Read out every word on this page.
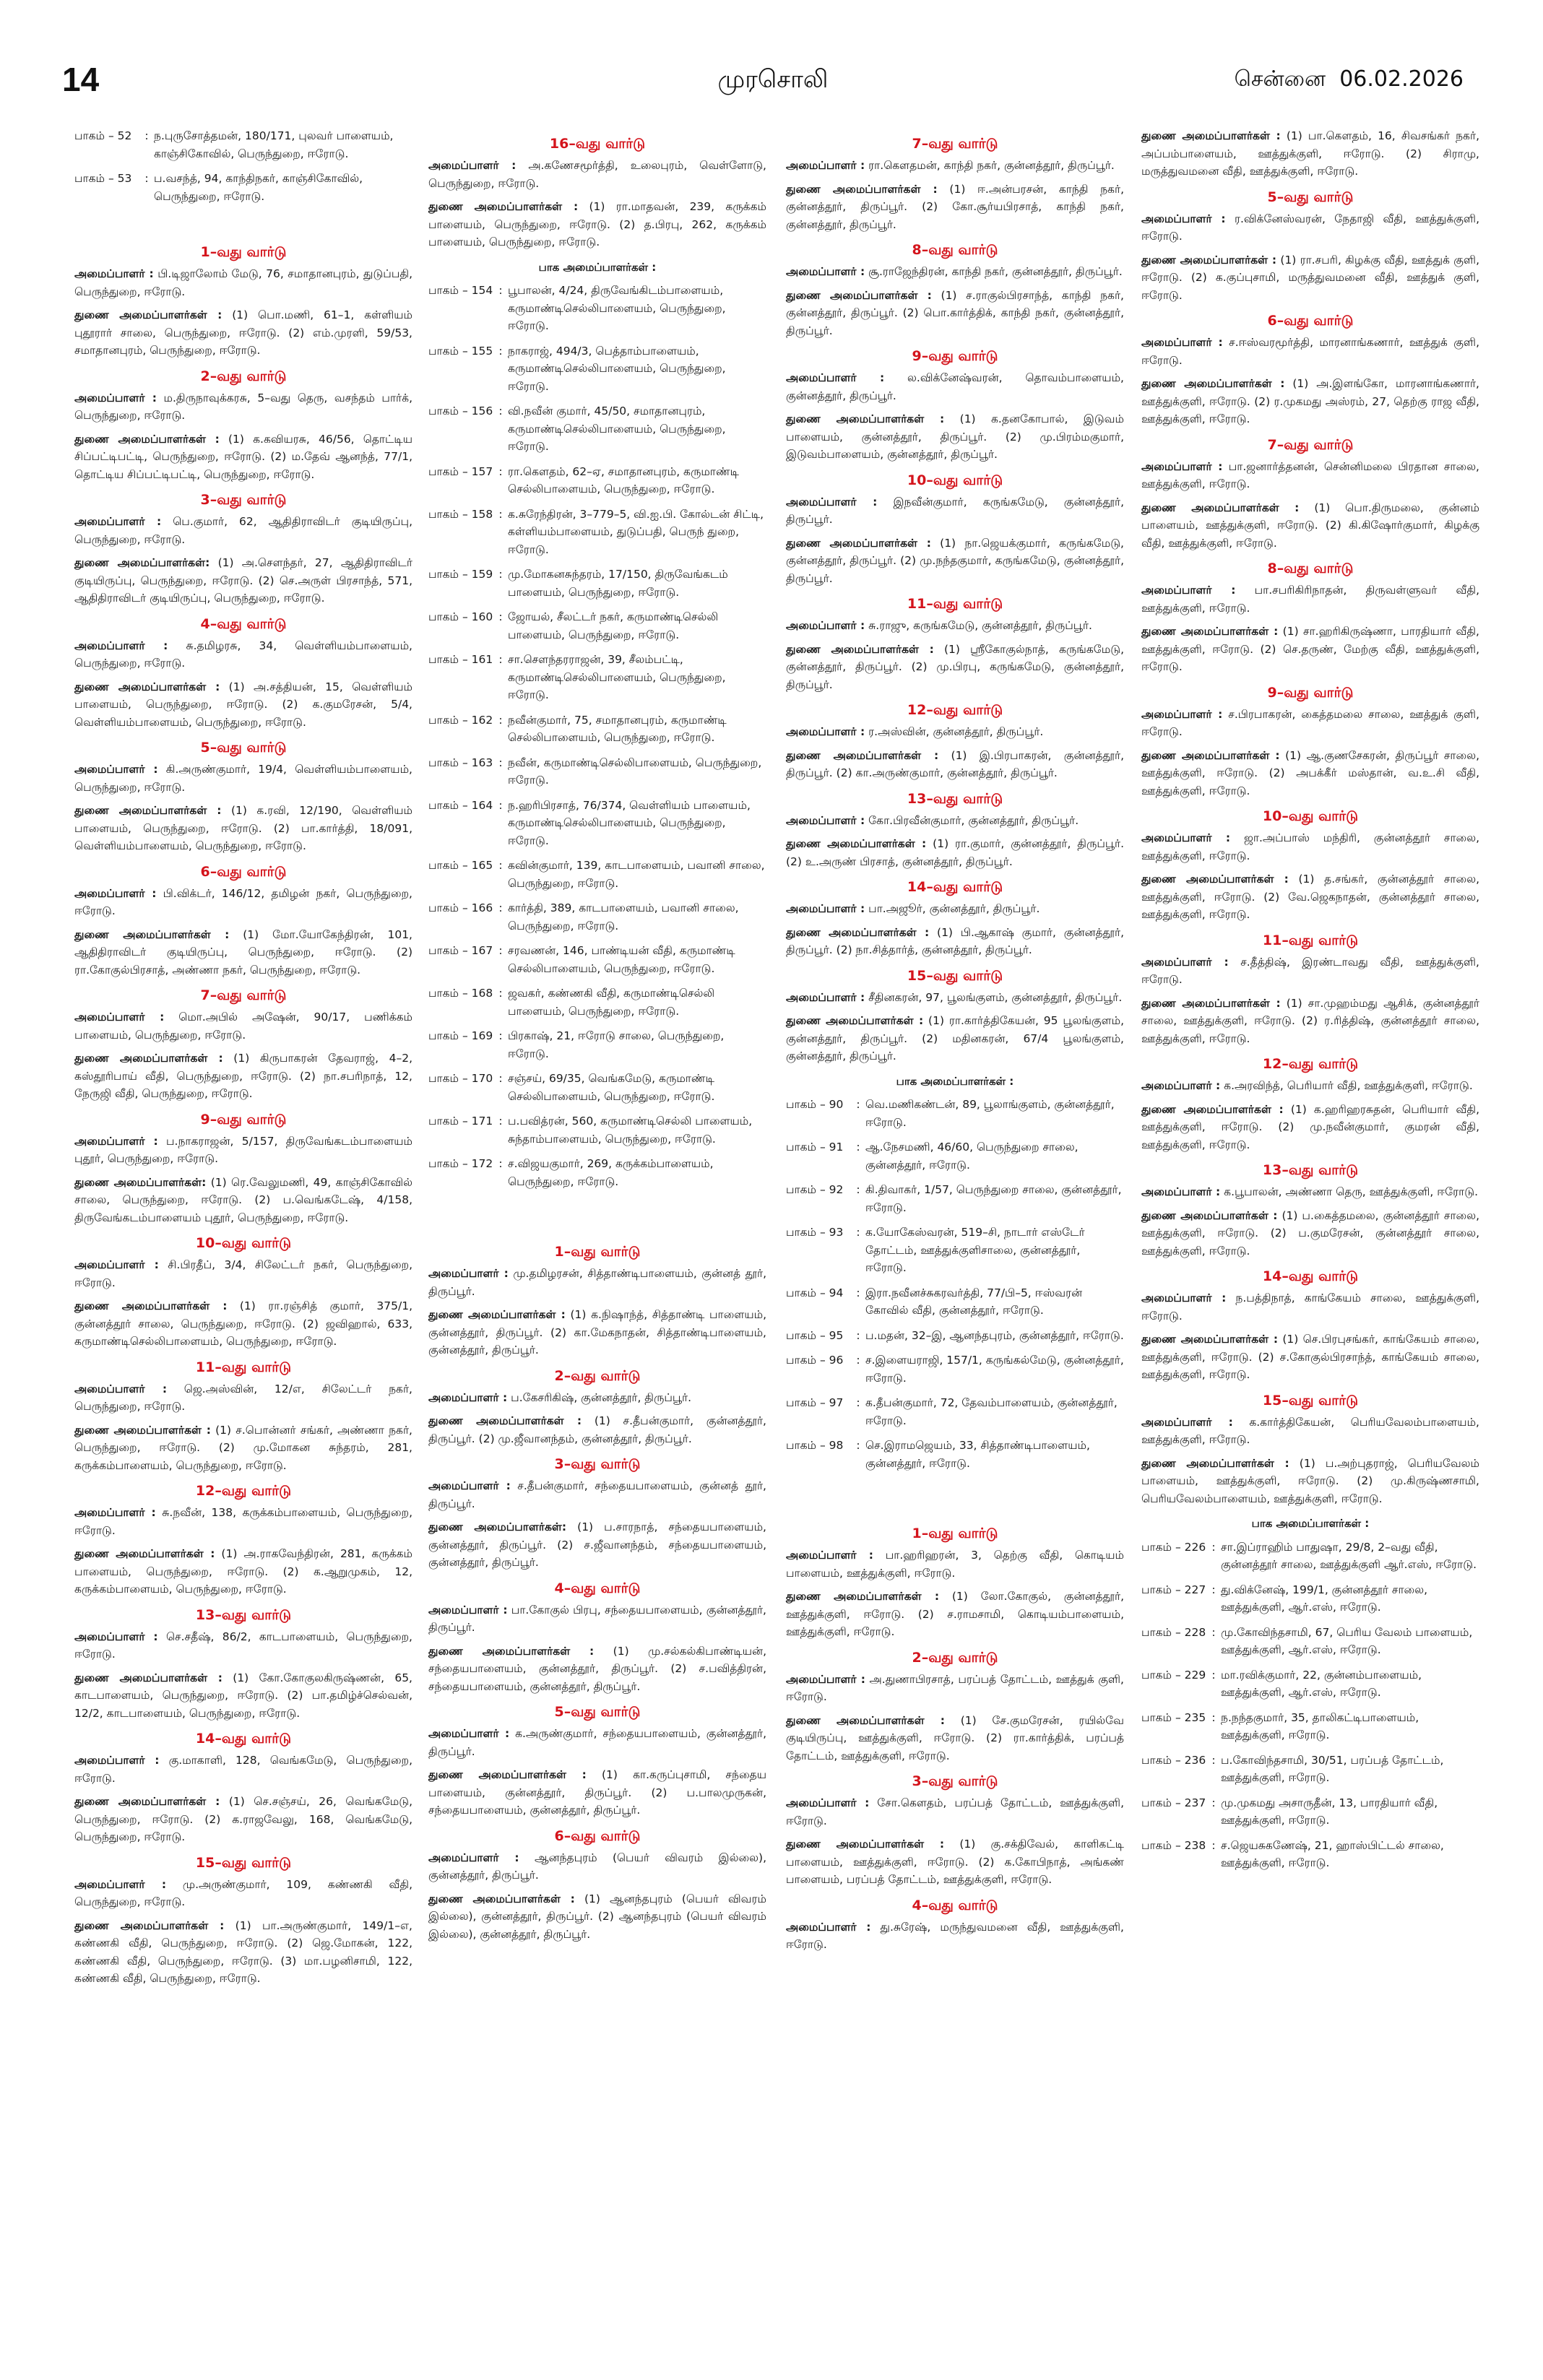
14	முரசொலி	சென்னை 06.02.2026
பாகம் – 52	: ந.புருசோத்தமன், 180/171, புலவர் பாளையம், காஞ்சிகோவில், பெருந்துறை, ஈரோடு.
பாகம் – 53	: ப.வசந்த், 94, காந்திநகர், காஞ்சிகோவில், பெருந்துறை, ஈரோடு.
1–வது வார்டு
அமைப்பாளர் : பி.டிஜாலோம் மேடு, 76, சமாதானபுரம், துடுப்பதி, பெருந்துறை, ஈரோடு.
துணை அமைப்பாளர்கள் : (1) பொ.மணி, 61–1, கள்ளியம் புதூரார் சாலை, பெருந்துறை, ஈரோடு. (2) எம்.முரளி, 59/53, சமாதானபுரம், பெருந்துறை, ஈரோடு.
2–வது வார்டு
அமைப்பாளர் : ம.திருநாவுக்கரசு, 5–வது தெரு, வசந்தம் பார்க், பெருந்துறை, ஈரோடு.
துணை அமைப்பாளர்கள் : (1) க.கவியரசு, 46/56, தொட்டிய சிப்பட்டிபட்டி, பெருந்துறை, ஈரோடு. (2) ம.தேவ் ஆனந்த், 77/1, தொட்டிய சிப்பட்டிபட்டி, பெருந்துறை, ஈரோடு.
3–வது வார்டு
அமைப்பாளர் : பெ.குமார், 62, ஆதிதிராவிடர் குடியிருப்பு, பெருந்துறை, ஈரோடு.
துணை அமைப்பாளர்கள்: (1) அ.சௌந்தர், 27, ஆதிதிராவிடர் குடியிருப்பு, பெருந்துறை, ஈரோடு. (2) செ.அருள் பிரசாந்த், 571, ஆதிதிராவிடர் குடியிருப்பு, பெருந்துறை, ஈரோடு.
4–வது வார்டு
அமைப்பாளர் : சு.தமிழரசு, 34, வெள்ளியம்பாளையம், பெருந்துறை, ஈரோடு.
துணை அமைப்பாளர்கள் : (1) அ.சத்தியன், 15, வெள்ளியம் பாளையம், பெருந்துறை, ஈரோடு. (2) க.குமரேசன், 5/4, வெள்ளியம்பாளையம், பெருந்துறை, ஈரோடு.
5–வது வார்டு
அமைப்பாளர் : கி.அருண்குமார், 19/4, வெள்ளியம்பாளையம், பெருந்துறை, ஈரோடு.
துணை அமைப்பாளர்கள் : (1) க.ரவி, 12/190, வெள்ளியம் பாளையம், பெருந்துறை, ஈரோடு. (2) பா.கார்த்தி, 18/091, வெள்ளியம்பாளையம், பெருந்துறை, ஈரோடு.
6–வது வார்டு
அமைப்பாளர் : பி.விக்டர், 146/12, தமிழன் நகர், பெருந்துறை, ஈரோடு.
துணை அமைப்பாளர்கள் : (1) மோ.யோகேந்திரன், 101, ஆதிதிராவிடர் குடியிருப்பு, பெருந்துறை, ஈரோடு. (2) ரா.கோகுல்பிரசாத், அண்ணா நகர், பெருந்துறை, ஈரோடு.
7–வது வார்டு
அமைப்பாளர் : மொ.அபில் அஷேன், 90/17, பணிக்கம் பாளையம், பெருந்துறை, ஈரோடு.
துணை அமைப்பாளர்கள் : (1) கிருபாகரன் தேவராஜ், 4–2, கஸ்தூரிபாய் வீதி, பெருந்துறை, ஈரோடு. (2) நா.சபரிநாத், 12, நேருஜி வீதி, பெருந்துறை, ஈரோடு.
9–வது வார்டு
அமைப்பாளர் : ப.நாகராஜன், 5/157, திருவேங்கடம்பாளையம் புதூர், பெருந்துறை, ஈரோடு.
துணை அமைப்பாளர்கள்: (1) ரெ.வேலுமணி, 49, காஞ்சிகோவில் சாலை, பெருந்துறை, ஈரோடு. (2) ப.வெங்கடேஷ், 4/158, திருவேங்கடம்பாளையம் புதூர், பெருந்துறை, ஈரோடு.
10–வது வார்டு
அமைப்பாளர் : சி.பிரதீப், 3/4, சிலேட்டர் நகர், பெருந்துறை, ஈரோடு.
துணை அமைப்பாளர்கள் : (1) ரா.ரஞ்சித் குமார், 375/1, குன்னத்தூர் சாலை, பெருந்துறை, ஈரோடு. (2) ஜவிஹால், 633, கருமாண்டிசெல்லிபாளையம், பெருந்துறை, ஈரோடு.
11–வது வார்டு
அமைப்பாளர் : ஜெ.அஸ்வின், 12/எ, சிலேட்டர் நகர், பெருந்துறை, ஈரோடு.
துணை அமைப்பாளர்கள் : (1) ச.பொன்னர் சங்கர், அண்ணா நகர், பெருந்துறை, ஈரோடு. (2) மு.மோகன சுந்தரம், 281, கருக்கம்பாளையம், பெருந்துறை, ஈரோடு.
12–வது வார்டு
அமைப்பாளர் : சு.நவீன், 138, கருக்கம்பாளையம், பெருந்துறை, ஈரோடு.
துணை அமைப்பாளர்கள் : (1) அ.ராகவேந்திரன், 281, கருக்கம் பாளையம், பெருந்துறை, ஈரோடு. (2) க.ஆறுமுகம், 12, கருக்கம்பாளையம், பெருந்துறை, ஈரோடு.
13–வது வார்டு
அமைப்பாளர் : செ.சதீஷ், 86/2, காடபாளையம், பெருந்துறை, ஈரோடு.
துணை அமைப்பாளர்கள் : (1) கோ.கோகுலகிருஷ்ணன், 65, காடபாளையம், பெருந்துறை, ஈரோடு. (2) பா.தமிழ்ச்செல்வன், 12/2, காடபாளையம், பெருந்துறை, ஈரோடு.
14–வது வார்டு
அமைப்பாளர் : கு.மாகாளி, 128, வெங்கமேடு, பெருந்துறை, ஈரோடு.
துணை அமைப்பாளர்கள் : (1) செ.சஞ்சய், 26, வெங்கமேடு, பெருந்துறை, ஈரோடு. (2) க.ராஜவேலு, 168, வெங்கமேடு, பெருந்துறை, ஈரோடு.
15–வது வார்டு
அமைப்பாளர் : மு.அருண்குமார், 109, கண்ணகி வீதி, பெருந்துறை, ஈரோடு.
துணை அமைப்பாளர்கள் : (1) பா.அருண்குமார், 149/1–எ, கண்ணகி வீதி, பெருந்துறை, ஈரோடு. (2) ஜெ.மோகன், 122, கண்ணகி வீதி, பெருந்துறை, ஈரோடு. (3) மா.பழனிசாமி, 122, கண்ணகி வீதி, பெருந்துறை, ஈரோடு.
16–வது வார்டு
அமைப்பாளர் : அ.கணேசமூர்த்தி, உலைபுரம், வெள்ளோடு, பெருந்துறை, ஈரோடு.
துணை அமைப்பாளர்கள் : (1) ரா.மாதவன், 239, கருக்கம் பாளையம், பெருந்துறை, ஈரோடு. (2) த.பிரபு, 262, கருக்கம் பாளையம், பெருந்துறை, ஈரோடு.
பாக அமைப்பாளர்கள் :
பாகம் – 154 : பூபாலன், 4/24, திருவேங்கிடம்பாளையம், கருமாண்டிசெல்லிபாளையம், பெருந்துறை, ஈரோடு.
பாகம் – 155 : நாகராஜ், 494/3, பெத்தாம்பாளையம், கருமாண்டிசெல்லிபாளையம், பெருந்துறை, ஈரோடு.
பாகம் – 156 : வி.நவீன் குமார், 45/50, சமாதானபுரம், கருமாண்டிசெல்லிபாளையம், பெருந்துறை, ஈரோடு.
பாகம் – 157 : ரா.கௌதம், 62–ஏ, சமாதானபுரம், கருமாண்டி செல்லிபாளையம், பெருந்துறை, ஈரோடு.
பாகம் – 158 : க.சுரேந்திரன், 3–779–5, வி.ஐ.பி. கோல்டன் சிட்டி, கள்ளியம்பாளையம், துடுப்பதி, பெருந் துறை, ஈரோடு.
பாகம் – 159 : மு.மோகனசுந்தரம், 17/150, திருவேங்கடம் பாளையம், பெருந்துறை, ஈரோடு.
பாகம் – 160 : ஜோயல், சீலட்டர் நகர், கருமாண்டிசெல்லி பாளையம், பெருந்துறை, ஈரோடு.
பாகம் – 161 : சா.சௌந்தரராஜன், 39, சீலம்பட்டி, கருமாண்டிசெல்லிபாளையம், பெருந்துறை, ஈரோடு.
பாகம் – 162 : நவீன்குமார், 75, சமாதானபுரம், கருமாண்டி செல்லிபாளையம், பெருந்துறை, ஈரோடு.
பாகம் – 163 : நவீன், கருமாண்டிசெல்லிபாளையம், பெருந்துறை, ஈரோடு.
பாகம் – 164 : ந.ஹரிபிரசாத், 76/374, வெள்ளியம் பாளையம், கருமாண்டிசெல்லிபாளையம், பெருந்துறை, ஈரோடு.
பாகம் – 165 : கவின்குமார், 139, காடபாளையம், பவானி சாலை, பெருந்துறை, ஈரோடு.
பாகம் – 166 : கார்த்தி, 389, காடபாளையம், பவானி சாலை, பெருந்துறை, ஈரோடு.
பாகம் – 167 : சரவணன், 146, பாண்டியன் வீதி, கருமாண்டி செல்லிபாளையம், பெருந்துறை, ஈரோடு.
பாகம் – 168 : ஜவகர், கண்ணகி வீதி, கருமாண்டிசெல்லி பாளையம், பெருந்துறை, ஈரோடு.
பாகம் – 169 : பிரகாஷ், 21, ஈரோடு சாலை, பெருந்துறை, ஈரோடு.
பாகம் – 170 : சஞ்சய், 69/35, வெங்கமேடு, கருமாண்டி செல்லிபாளையம், பெருந்துறை, ஈரோடு.
பாகம் – 171 : ப.பவித்ரன், 560, கருமாண்டிசெல்லி பாளையம், சுந்தாம்பாளையம், பெருந்துறை, ஈரோடு.
பாகம் – 172 : ச.விஜயகுமார், 269, கருக்கம்பாளையம், பெருந்துறை, ஈரோடு.
1–வது வார்டு
அமைப்பாளர் : மு.தமிழரசன், சித்தாண்டிபாளையம், குன்னத் தூர், திருப்பூர்.
துணை அமைப்பாளர்கள் : (1) க.நிஷாந்த், சித்தாண்டி பாளையம், குன்னத்தூர், திருப்பூர். (2) கா.மேகநாதன், சித்தாண்டிபாளையம், குன்னத்தூர், திருப்பூர்.
2–வது வார்டு
அமைப்பாளர் : ப.கேசரிகிஷ், குன்னத்தூர், திருப்பூர்.
துணை அமைப்பாளர்கள் : (1) ச.தீபன்குமார், குன்னத்தூர், திருப்பூர். (2) மு.ஜீவானந்தம், குன்னத்தூர், திருப்பூர்.
3–வது வார்டு
அமைப்பாளர் : ச.தீபன்குமார், சந்தையபாளையம், குன்னத் தூர், திருப்பூர்.
துணை அமைப்பாளர்கள்: (1) ப.சாரநாத், சந்தையபாளையம், குன்னத்தூர், திருப்பூர். (2) ச.ஜீவானந்தம், சந்தையபாளையம், குன்னத்தூர், திருப்பூர்.
4–வது வார்டு
அமைப்பாளர் : பா.கோகுல் பிரபு, சந்தையபாளையம், குன்னத்தூர், திருப்பூர்.
துணை அமைப்பாளர்கள் : (1) மு.சல்கல்கிபாண்டியன், சந்தையபாளையம், குன்னத்தூர், திருப்பூர். (2) ச.பவித்திரன், சந்தையபாளையம், குன்னத்தூர், திருப்பூர்.
5–வது வார்டு
அமைப்பாளர் : க.அருண்குமார், சந்தையபாளையம், குன்னத்தூர், திருப்பூர்.
துணை அமைப்பாளர்கள் : (1) கா.கருப்புசாமி, சந்தைய பாளையம், குன்னத்தூர், திருப்பூர். (2) ப.பாலமுருகன், சந்தையபாளையம், குன்னத்தூர், திருப்பூர்.
6–வது வார்டு
அமைப்பாளர் : ஆனந்தபுரம் (பெயர் விவரம் இல்லை), குன்னத்தூர், திருப்பூர்.
துணை அமைப்பாளர்கள் : (1) ஆனந்தபுரம் (பெயர் விவரம் இல்லை), குன்னத்தூர், திருப்பூர். (2) ஆனந்தபுரம் (பெயர் விவரம் இல்லை), குன்னத்தூர், திருப்பூர்.
7–வது வார்டு
அமைப்பாளர் : ரா.கௌதமன், காந்தி நகர், குன்னத்தூர், திருப்பூர்.
துணை அமைப்பாளர்கள் : (1) ஈ.அன்பரசன், காந்தி நகர், குன்னத்தூர், திருப்பூர். (2) கோ.சூர்யபிரசாத், காந்தி நகர், குன்னத்தூர், திருப்பூர்.
8–வது வார்டு
அமைப்பாளர் : சூ.ராஜேந்திரன், காந்தி நகர், குன்னத்தூர், திருப்பூர்.
துணை அமைப்பாளர்கள் : (1) ச.ராகுல்பிரசாந்த், காந்தி நகர், குன்னத்தூர், திருப்பூர். (2) பொ.கார்த்திக், காந்தி நகர், குன்னத்தூர், திருப்பூர்.
9–வது வார்டு
அமைப்பாளர் : ல.விக்னேஷ்வரன், தொவம்பாளையம், குன்னத்தூர், திருப்பூர்.
துணை அமைப்பாளர்கள் : (1) க.தனகோபால், இடுவம் பாளையம், குன்னத்தூர், திருப்பூர். (2) மு.பிரம்மகுமார், இடுவம்பாளையம், குன்னத்தூர், திருப்பூர்.
10–வது வார்டு
அமைப்பாளர் : இநவீன்குமார், கருங்கமேடு, குன்னத்தூர், திருப்பூர்.
துணை அமைப்பாளர்கள் : (1) நா.ஜெயக்குமார், கருங்கமேடு, குன்னத்தூர், திருப்பூர். (2) மு.நந்தகுமார், கருங்கமேடு, குன்னத்தூர், திருப்பூர்.
11–வது வார்டு
அமைப்பாளர் : சு.ராஜு, கருங்கமேடு, குன்னத்தூர், திருப்பூர்.
துணை அமைப்பாளர்கள் : (1) ஸ்ரீகோகுல்நாத், கருங்கமேடு, குன்னத்தூர், திருப்பூர். (2) மு.பிரபு, கருங்கமேடு, குன்னத்தூர், திருப்பூர்.
12–வது வார்டு
அமைப்பாளர் : ர.அஸ்வின், குன்னத்தூர், திருப்பூர்.
துணை அமைப்பாளர்கள் : (1) இ.பிரபாகரன், குன்னத்தூர், திருப்பூர். (2) கா.அருண்குமார், குன்னத்தூர், திருப்பூர்.
13–வது வார்டு
அமைப்பாளர் : கோ.பிரவீன்குமார், குன்னத்தூர், திருப்பூர்.
துணை அமைப்பாளர்கள் : (1) ரா.குமார், குன்னத்தூர், திருப்பூர். (2) உ.அருண் பிரசாத், குன்னத்தூர், திருப்பூர்.
14–வது வார்டு
அமைப்பாளர் : பா.அஜூர், குன்னத்தூர், திருப்பூர்.
துணை அமைப்பாளர்கள் : (1) பி.ஆகாஷ் குமார், குன்னத்தூர், திருப்பூர். (2) நா.சித்தார்த், குன்னத்தூர், திருப்பூர்.
15–வது வார்டு
அமைப்பாளர் : சீதினகரன், 97, பூலங்குளம், குன்னத்தூர், திருப்பூர்.
துணை அமைப்பாளர்கள் : (1) ரா.கார்த்திகேயன், 95 பூலங்குளம், குன்னத்தூர், திருப்பூர். (2) மதினகரன், 67/4 பூலங்குளம், குன்னத்தூர், திருப்பூர்.
பாக அமைப்பாளர்கள் :
பாகம் – 90	: வெ.மணிகண்டன், 89, பூலாங்குளம், குன்னத்தூர், ஈரோடு.
பாகம் – 91	: ஆ.நேசமணி, 46/60, பெருந்துறை சாலை, குன்னத்தூர், ஈரோடு.
பாகம் – 92	: கி.திவாகர், 1/57, பெருந்துறை சாலை, குன்னத்தூர், ஈரோடு.
பாகம் – 93	: க.யோகேஸ்வரன், 519–சி, நாடார் எஸ்டேர் தோட்டம், ஊத்துக்குளிசாலை, குன்னத்தூர், ஈரோடு.
பாகம் – 94	: இரா.நவீனச்சுகரவர்த்தி, 77/பி–5, ஈஸ்வரன் கோவில் வீதி, குன்னத்தூர், ஈரோடு.
பாகம் – 95	: ப.மதன், 32–இ, ஆனந்தபுரம், குன்னத்தூர், ஈரோடு.
பாகம் – 96	: ச.இளையராஜி, 157/1, கருங்கல்மேடு, குன்னத்தூர், ஈரோடு.
பாகம் – 97	: க.தீபன்குமார், 72, தேவம்பாளையம், குன்னத்தூர், ஈரோடு.
பாகம் – 98	: செ.இராமஜெயம், 33, சித்தாண்டிபாளையம், குன்னத்தூர், ஈரோடு.
1–வது வார்டு
அமைப்பாளர் : பா.ஹரிஹரன், 3, தெற்கு வீதி, கொடியம் பாளையம், ஊத்துக்குளி, ஈரோடு.
துணை அமைப்பாளர்கள் : (1) லோ.கோகுல், குன்னத்தூர், ஊத்துக்குளி, ஈரோடு. (2) ச.ராமசாமி, கொடியம்பாளையம், ஊத்துக்குளி, ஈரோடு.
2–வது வார்டு
அமைப்பாளர் : அ.துணாபிரசாத், பரப்பத் தோட்டம், ஊத்துக் குளி, ஈரோடு.
துணை அமைப்பாளர்கள் : (1) சே.குமரேசன், ரயில்வே குடியிருப்பு, ஊத்துக்குளி, ஈரோடு. (2) ரா.கார்த்திக், பரப்பத் தோட்டம், ஊத்துக்குளி, ஈரோடு.
3–வது வார்டு
அமைப்பாளர் : சோ.கௌதம், பரப்பத் தோட்டம், ஊத்துக்குளி, ஈரோடு.
துணை அமைப்பாளர்கள் : (1) கு.சக்திவேல், காளிகட்டி பாளையம், ஊத்துக்குளி, ஈரோடு. (2) க.கோபிநாத், அங்கண் பாளையம், பரப்பத் தோட்டம், ஊத்துக்குளி, ஈரோடு.
4–வது வார்டு
அமைப்பாளர் : து.சுரேஷ், மருந்துவமனை வீதி, ஊத்துக்குளி, ஈரோடு.
துணை அமைப்பாளர்கள் : (1) பா.கௌதம், 16, சிவசங்கர் நகர், அப்பம்பாளையம், ஊத்துக்குளி, ஈரோடு. (2) சிராமு, மருத்துவமனை வீதி, ஊத்துக்குளி, ஈரோடு.
5–வது வார்டு
அமைப்பாளர் : ர.விக்னேஸ்வரன், நேதாஜி வீதி, ஊத்துக்குளி, ஈரோடு.
துணை அமைப்பாளர்கள் : (1) ரா.சபரி, கிழக்கு வீதி, ஊத்துக் குளி, ஈரோடு. (2) க.குப்புசாமி, மருத்துவமனை வீதி, ஊத்துக் குளி, ஈரோடு.
6–வது வார்டு
அமைப்பாளர் : ச.ஈஸ்வரமூர்த்தி, மாரனாங்கணார், ஊத்துக் குளி, ஈரோடு.
துணை அமைப்பாளர்கள் : (1) அ.இளங்கோ, மாரனாங்கணார், ஊத்துக்குளி, ஈரோடு. (2) ர.முகமது அஸ்ரம், 27, தெற்கு ராஜ வீதி, ஊத்துக்குளி, ஈரோடு.
7–வது வார்டு
அமைப்பாளர் : பா.ஜனார்த்தனன், சென்னிமலை பிரதான சாலை, ஊத்துக்குளி, ஈரோடு.
துணை அமைப்பாளர்கள் : (1) பொ.திருமலை, குன்னம் பாளையம், ஊத்துக்குளி, ஈரோடு. (2) கி.கிஷோர்குமார், கிழக்கு வீதி, ஊத்துக்குளி, ஈரோடு.
8–வது வார்டு
அமைப்பாளர் : பா.சபரிகிரிநாதன், திருவள்ளுவர் வீதி, ஊத்துக்குளி, ஈரோடு.
துணை அமைப்பாளர்கள் : (1) சா.ஹரிகிருஷ்ணா, பாரதியார் வீதி, ஊத்துக்குளி, ஈரோடு. (2) செ.தருண், மேற்கு வீதி, ஊத்துக்குளி, ஈரோடு.
9–வது வார்டு
அமைப்பாளர் : ச.பிரபாகரன், கைத்தமலை சாலை, ஊத்துக் குளி, ஈரோடு.
துணை அமைப்பாளர்கள் : (1) ஆ.குணசேகரன், திருப்பூர் சாலை, ஊத்துக்குளி, ஈரோடு. (2) அபக்கீர் மஸ்தான், வ.உ.சி வீதி, ஊத்துக்குளி, ஈரோடு.
10–வது வார்டு
அமைப்பாளர் : ஜா.அப்பாஸ் மந்திரி, குன்னத்தூர் சாலை, ஊத்துக்குளி, ஈரோடு.
துணை அமைப்பாளர்கள் : (1) த.சங்கர், குன்னத்தூர் சாலை, ஊத்துக்குளி, ஈரோடு. (2) வே.ஜெகநாதன், குன்னத்தூர் சாலை, ஊத்துக்குளி, ஈரோடு.
11–வது வார்டு
அமைப்பாளர் : ச.தீத்திஷ், இரண்டாவது வீதி, ஊத்துக்குளி, ஈரோடு.
துணை அமைப்பாளர்கள் : (1) சா.முஹம்மது ஆசிக், குன்னத்தூர் சாலை, ஊத்துக்குளி, ஈரோடு. (2) ர.ரித்திஷ், குன்னத்தூர் சாலை, ஊத்துக்குளி, ஈரோடு.
12–வது வார்டு
அமைப்பாளர் : க.அரவிந்த், பெரியார் வீதி, ஊத்துக்குளி, ஈரோடு.
துணை அமைப்பாளர்கள் : (1) க.ஹரிஹரசுதன், பெரியார் வீதி, ஊத்துக்குளி, ஈரோடு. (2) மு.நவீன்குமார், குமரன் வீதி, ஊத்துக்குளி, ஈரோடு.
13–வது வார்டு
அமைப்பாளர் : க.பூபாலன், அண்ணா தெரு, ஊத்துக்குளி, ஈரோடு.
துணை அமைப்பாளர்கள் : (1) ப.கைத்தமலை, குன்னத்தூர் சாலை, ஊத்துக்குளி, ஈரோடு. (2) ப.குமரேசன், குன்னத்தூர் சாலை, ஊத்துக்குளி, ஈரோடு.
14–வது வார்டு
அமைப்பாளர் : ந.பத்திநாத், காங்கேயம் சாலை, ஊத்துக்குளி, ஈரோடு.
துணை அமைப்பாளர்கள் : (1) செ.பிரபுசங்கர், காங்கேயம் சாலை, ஊத்துக்குளி, ஈரோடு. (2) ச.கோகுல்பிரசாந்த், காங்கேயம் சாலை, ஊத்துக்குளி, ஈரோடு.
15–வது வார்டு
அமைப்பாளர் : க.கார்த்திகேயன், பெரியவேலம்பாளையம், ஊத்துக்குளி, ஈரோடு.
துணை அமைப்பாளர்கள் : (1) ப.அற்புதராஜ், பெரியவேலம் பாளையம், ஊத்துக்குளி, ஈரோடு. (2) மு.கிருஷ்ணசாமி, பெரியவேலம்பாளையம், ஊத்துக்குளி, ஈரோடு.
பாக அமைப்பாளர்கள் :
பாகம் – 226 : சா.இப்ராஹிம் பாதுஷா, 29/8, 2–வது வீதி, குன்னத்தூர் சாலை, ஊத்துக்குளி ஆர்.எஸ், ஈரோடு.
பாகம் – 227 : து.விக்னேஷ், 199/1, குன்னத்தூர் சாலை, ஊத்துக்குளி, ஆர்.எஸ், ஈரோடு.
பாகம் – 228 : மு.கோவிந்தசாமி, 67, பெரிய வேலம் பாளையம், ஊத்துக்குளி, ஆர்.எஸ், ஈரோடு.
பாகம் – 229 : மா.ரவிக்குமார், 22, குன்னம்பாளையம், ஊத்துக்குளி, ஆர்.எஸ், ஈரோடு.
பாகம் – 235 : ந.நந்தகுமார், 35, தாலிகட்டிபாளையம், ஊத்துக்குளி, ஈரோடு.
பாகம் – 236 : ப.கோவிந்தசாமி, 30/51, பரப்பத் தோட்டம், ஊத்துக்குளி, ஈரோடு.
பாகம் – 237 : மு.முகமது அசாருதீன், 13, பாரதியார் வீதி, ஊத்துக்குளி, ஈரோடு.
பாகம் – 238 : ச.ஜெயசுகணேஷ், 21, ஹாஸ்பிட்டல் சாலை, ஊத்துக்குளி, ஈரோடு.
